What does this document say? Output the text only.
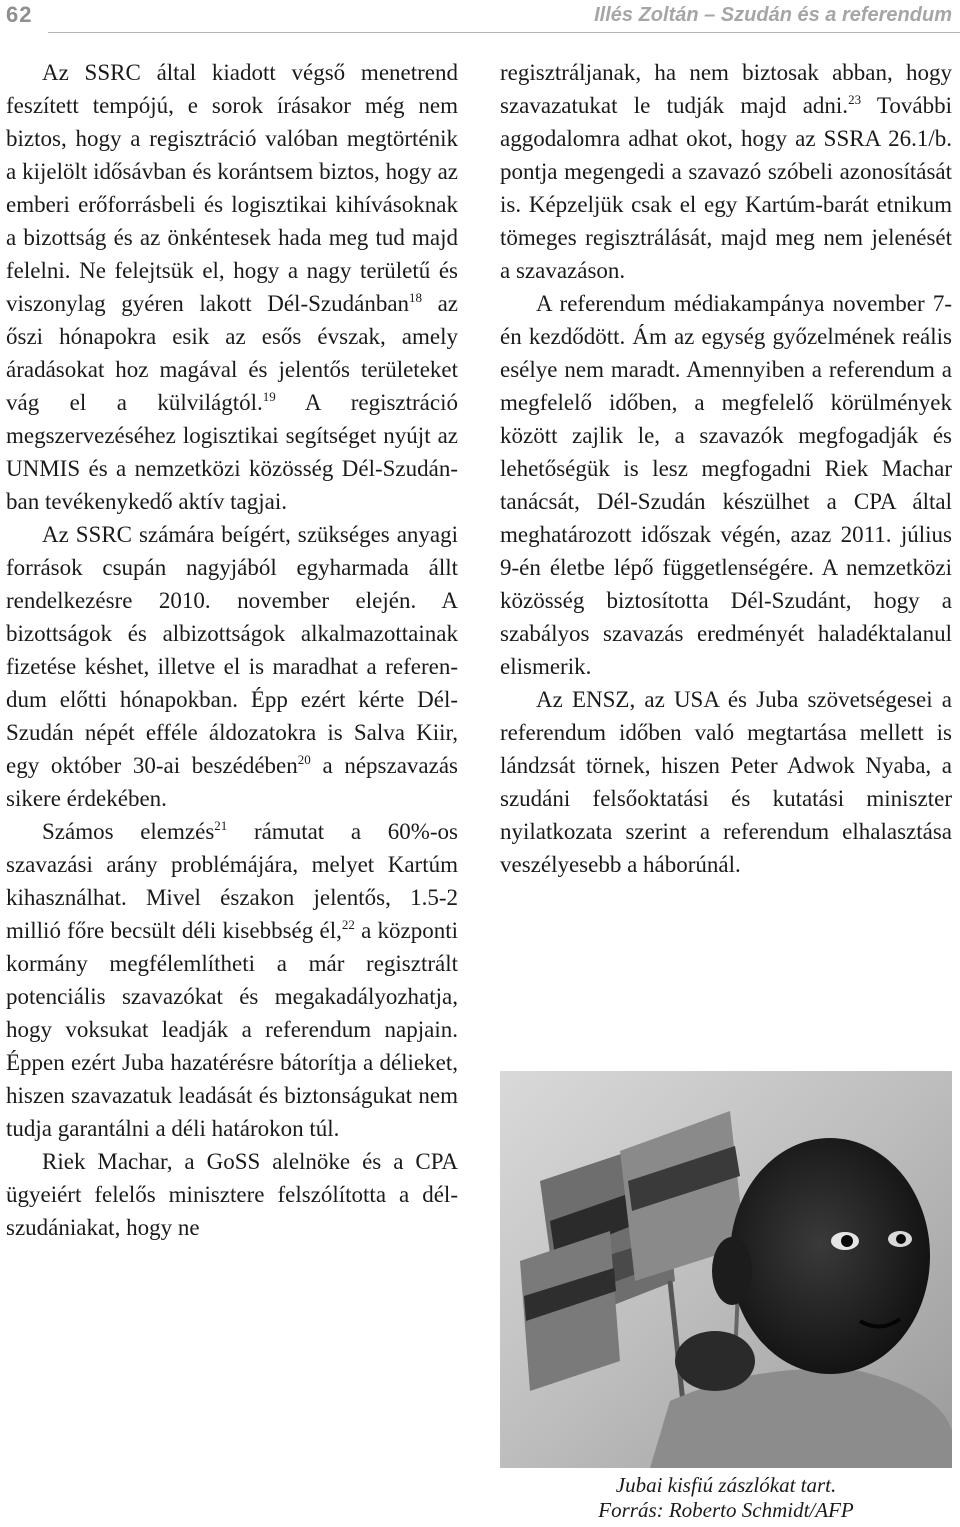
62	Illés Zoltán – Szudán és a referendum

Az SSRC által kiadott végső menetrend feszített tempójú, e sorok írásakor még nem biztos, hogy a regisztráció valóban megtörténik a kijelölt idősávban és korántsem biztos, hogy az emberi erőforrásbeli és logisztikai kihívásoknak a bizottság és az önkéntesek hada meg tud majd felelni. Ne felejtsük el, hogy a nagy területű és viszonylag gyéren lakott Dél-Szudánban$^{18}$ az őszi hónapokra esik az esős évszak, amely áradásokat hoz magával és jelentős területeket vág el a külvilágtól.$^{19}$ A regisztráció megszervezéséhez logisztikai segítséget nyújt az UNMIS és a nemzetközi közösség Dél-Szudánban tevékenykedő aktív tagjai.

Az SSRC számára beígért, szükséges anyagi források csupán nagyjából egyharmada állt rendelkezésre 2010. november elején. A bizottságok és albizottságok alkalmazottainak fizetése késhet, illetve el is maradhat a referendum előtti hónapokban. Épp ezért kérte Dél-Szudán népét efféle áldozatokra is Salva Kiir, egy október 30-ai beszédében$^{20}$ a népszavazás sikere érdekében.

Számos elemzés$^{21}$ rámutat a 60%-os szavazási arány problémájára, melyet Kartúm kihasználhat. Mivel északon jelentős, 1.5-2 millió főre becsült déli kisebbség él,$^{22}$ a központi kormány megfélemlítheti a már regisztrált potenciális szavazókat és megakadályozhatja, hogy voksukat leadják a referendum napjain. Éppen ezért Juba hazatérésre bátorítja a délieket, hiszen szavazatuk leadását és biztonságukat nem tudja garantálni a déli határokon túl.

Riek Machar, a GoSS alelnöke és a CPA ügyeiért felelős minisztere felszólította a dél-szudániakat, hogy ne

regisztráljanak, ha nem biztosak abban, hogy szavazatukat le tudják majd adni.$^{23}$ További aggodalomra adhat okot, hogy az SSRA 26.1/b. pontja megengedi a szavazó szóbeli azonosítását is. Képzeljük csak el egy Kartúm-barát etnikum tömeges regisztrálását, majd meg nem jelenését a szavazáson.

A referendum médiakampánya november 7-én kezdődött. Ám az egység győzelmének reális esélye nem maradt. Amennyiben a referendum a megfelelő időben, a megfelelő körülmények között zajlik le, a szavazók megfogadják és lehetőségük is lesz megfogadni Riek Machar tanácsát, Dél-Szudán készülhet a CPA által meghatározott időszak végén, azaz 2011. július 9-én életbe lépő függetlenségére. A nemzetközi közösség biztosította Dél-Szudánt, hogy a szabályos szavazás eredményét haladéktalanul elismerik.

Az ENSZ, az USA és Juba szövetségesei a referendum időben való megtartása mellett is lándzsát törnek, hiszen Peter Adwok Nyaba, a szudáni felsőoktatási és kutatási miniszter nyilatkozata szerint a referendum elhalasztása veszélyesebb a háborúnál.

Jubai kisfiú zászlókat tart.
Forrás: Roberto Schmidt/AFP
